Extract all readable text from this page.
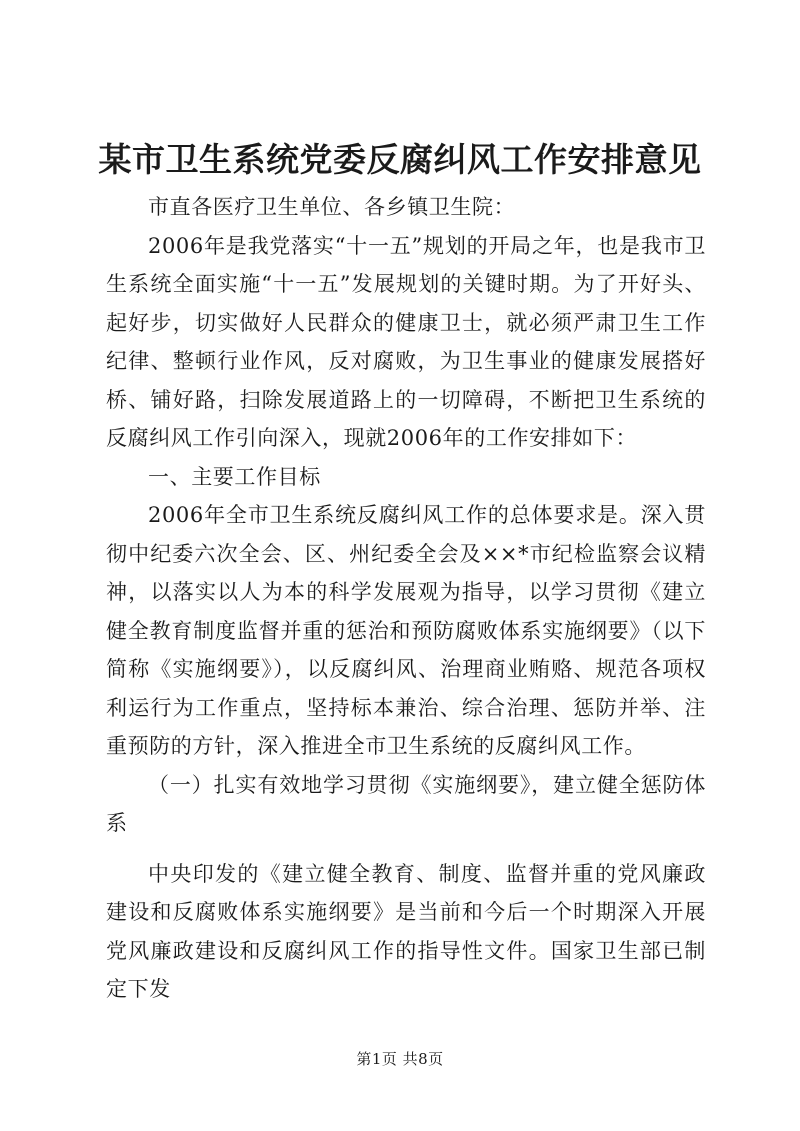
某市卫生系统党委反腐纠风工作安排意见

市直各医疗卫生单位、各乡镇卫生院：

2006年是我党落实“十一五”规划的开局之年，也是我市卫生系统全面实施“十一五”发展规划的关键时期。为了开好头、起好步，切实做好人民群众的健康卫士，就必须严肃卫生工作纪律、整顿行业作风，反对腐败，为卫生事业的健康发展搭好桥、铺好路，扫除发展道路上的一切障碍，不断把卫生系统的反腐纠风工作引向深入，现就2006年的工作安排如下：

一、主要工作目标

2006年全市卫生系统反腐纠风工作的总体要求是。深入贯彻中纪委六次全会、区、州纪委全会及××*市纪检监察会议精神，以落实以人为本的科学发展观为指导，以学习贯彻《建立健全教育制度监督并重的惩治和预防腐败体系实施纲要》（以下简称《实施纲要》），以反腐纠风、治理商业贿赂、规范各项权利运行为工作重点，坚持标本兼治、综合治理、惩防并举、注重预防的方针，深入推进全市卫生系统的反腐纠风工作。

（一）扎实有效地学习贯彻《实施纲要》，建立健全惩防体系

中央印发的《建立健全教育、制度、监督并重的党风廉政建设和反腐败体系实施纲要》是当前和今后一个时期深入开展党风廉政建设和反腐纠风工作的指导性文件。国家卫生部已制定下发

第1页 共8页
